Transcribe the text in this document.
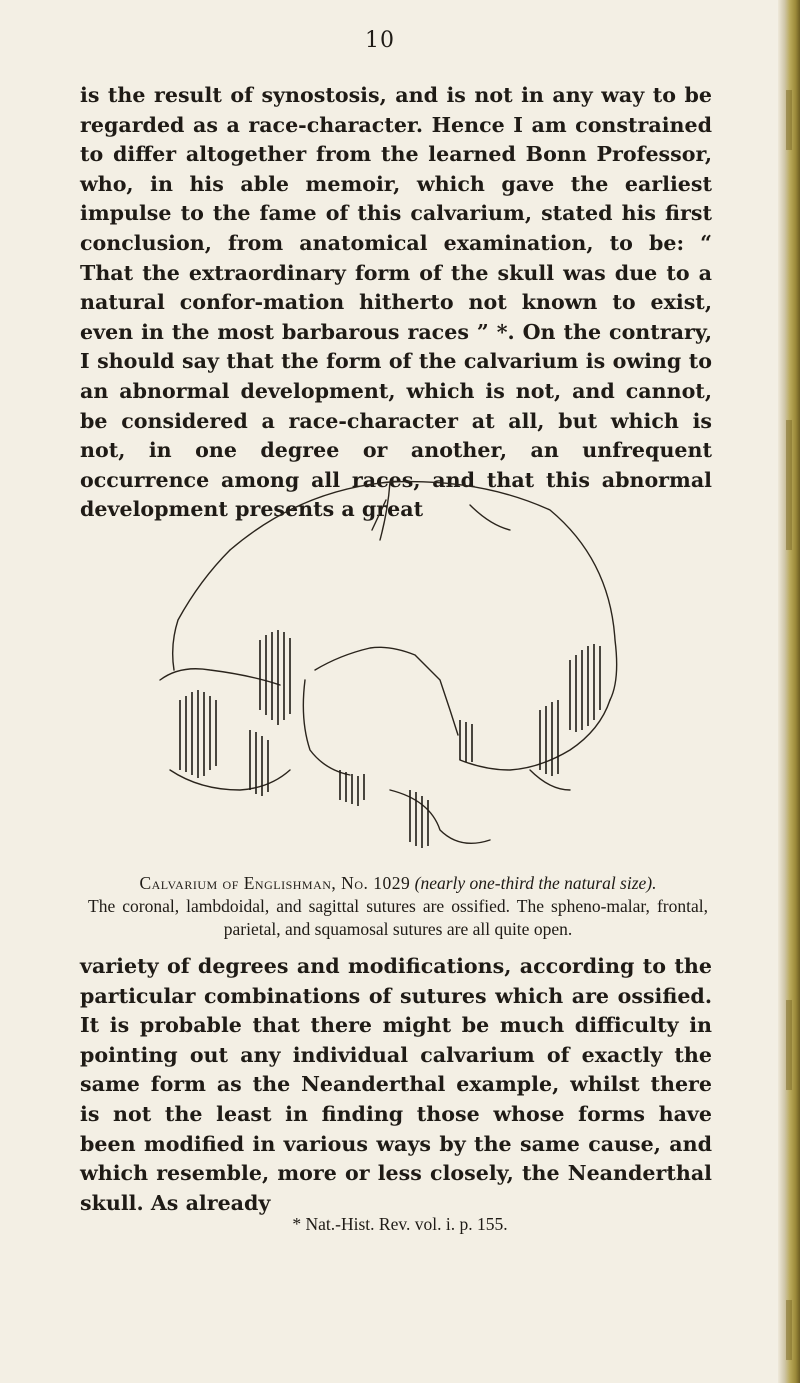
10

is the result of synostosis, and is not in any way to be regarded as a race-character. Hence I am constrained to differ altogether from the learned Bonn Professor, who, in his able memoir, which gave the earliest impulse to the fame of this calvarium, stated his first conclusion, from anatomical examination, to be: “ That the extraordinary form of the skull was due to a natural confor-mation hitherto not known to exist, even in the most barbarous races ” *. On the contrary, I should say that the form of the calvarium is owing to an abnormal development, which is not, and cannot, be considered a race-character at all, but which is not, in one degree or another, an unfrequent occurrence among all races, and that this abnormal development presents a great

Calvarium of Englishman, No. 1029 (nearly one-third the natural size).
The coronal, lambdoidal, and sagittal sutures are ossified. The spheno-malar, frontal, parietal, and squamosal sutures are all quite open.

variety of degrees and modifications, according to the particular combinations of sutures which are ossified. It is probable that there might be much difficulty in pointing out any individual calvarium of exactly the same form as the Neanderthal example, whilst there is not the least in finding those whose forms have been modified in various ways by the same cause, and which resemble, more or less closely, the Neanderthal skull. As already

* Nat.-Hist. Rev. vol. i. p. 155.
